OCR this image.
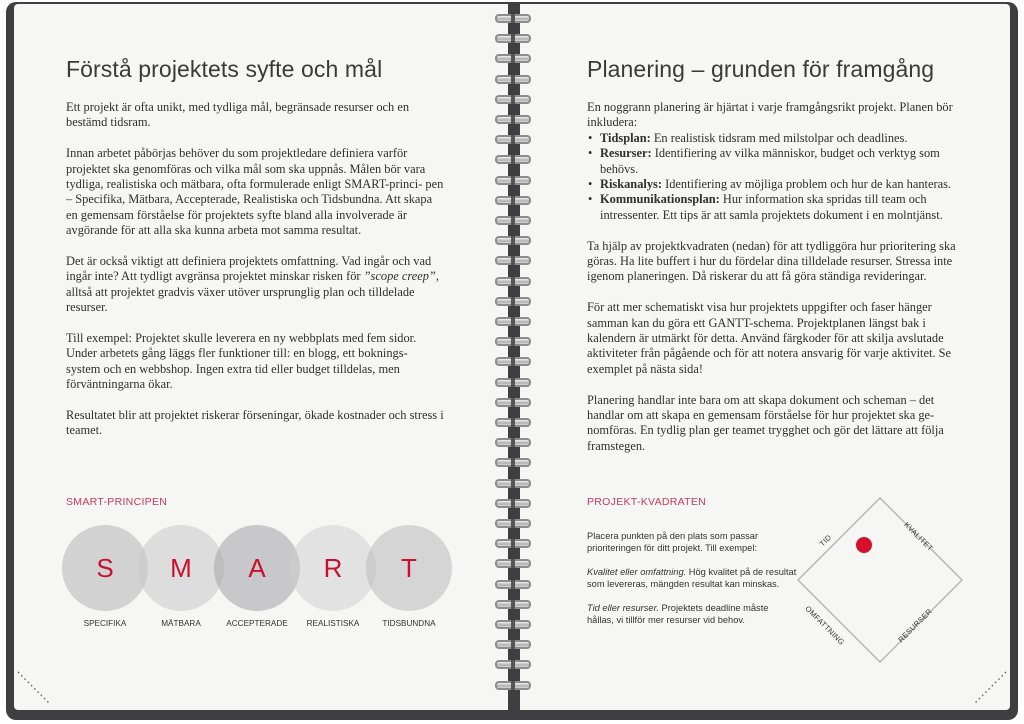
Förstå projektets syfte och mål

Ett projekt är ofta unikt, med tydliga mål, begränsade resurser och en bestämd tidsram.

Innan arbetet påbörjas behöver du som projektledare definiera varför projektet ska genomföras och vilka mål som ska uppnås. Målen bör vara tydliga, realistiska och mätbara, ofta formulerade enligt SMART-princi- pen – Specifika, Mätbara, Accepterade, Realistiska och Tidsbundna. Att skapa en gemensam förståelse för projektets syfte bland alla involverade är avgörande för att alla ska kunna arbeta mot samma resultat.

Det är också viktigt att definiera projektets omfattning. Vad ingår och vad ingår inte? Att tydligt avgränsa projektet minskar risken för ”scope creep”, alltså att projektet gradvis växer utöver ursprunglig plan och tilldelade resurser.

Till exempel: Projektet skulle leverera en ny webbplats med fem sidor. Under arbetets gång läggs fler funktioner till: en blogg, ett boknings- system och en webbshop. Ingen extra tid eller budget tilldelas, men förväntningarna ökar.

Resultatet blir att projektet riskerar förseningar, ökade kostnader och stress i teamet.

SMART-PRINCIPEN
S	M	A	R	T
SPECIFIKA	MÄTBARA	ACCEPTERADE	REALISTISKA	TIDSBUNDNA
Planering – grunden för framgång

En noggrann planering är hjärtat i varje framgångsrikt projekt. Planen bör inkludera:

• Tidsplan: En realistisk tidsram med milstolpar och deadlines.
• Resurser: Identifiering av vilka människor, budget och verktyg som behövs.
• Riskanalys: Identifiering av möjliga problem och hur de kan hanteras.
• Kommunikationsplan: Hur information ska spridas till team och intressenter. Ett tips är att samla projektets dokument i en molntjänst.

Ta hjälp av projektkvadraten (nedan) för att tydliggöra hur prioritering ska göras. Ha lite buffert i hur du fördelar dina tilldelade resurser. Stressa inte igenom planeringen. Då riskerar du att få göra ständiga revideringar.

För att mer schematiskt visa hur projektets uppgifter och faser hänger samman kan du göra ett GANTT-schema. Projektplanen längst bak i kalendern är utmärkt för detta. Använd färgkoder för att skilja avslutade aktiviteter från pågående och för att notera ansvarig för varje aktivitet. Se exemplet på nästa sida!

Planering handlar inte bara om att skapa dokument och scheman – det handlar om att skapa en gemensam förståelse för hur projektet ska ge- nomföras. En tydlig plan ger teamet trygghet och gör det lättare att följa framstegen.

PROJEKT-KVADRATEN

Placera punkten på den plats som passar prioriteringen för ditt projekt. Till exempel:

Kvalitet eller omfattning. Hög kvalitet på de resultat som levereras, mängden resultat kan minskas.

Tid eller resurser. Projektets deadline måste hållas, vi tillför mer resurser vid behov.

TID	KVALITET
OMFATTNING	RESURSER
